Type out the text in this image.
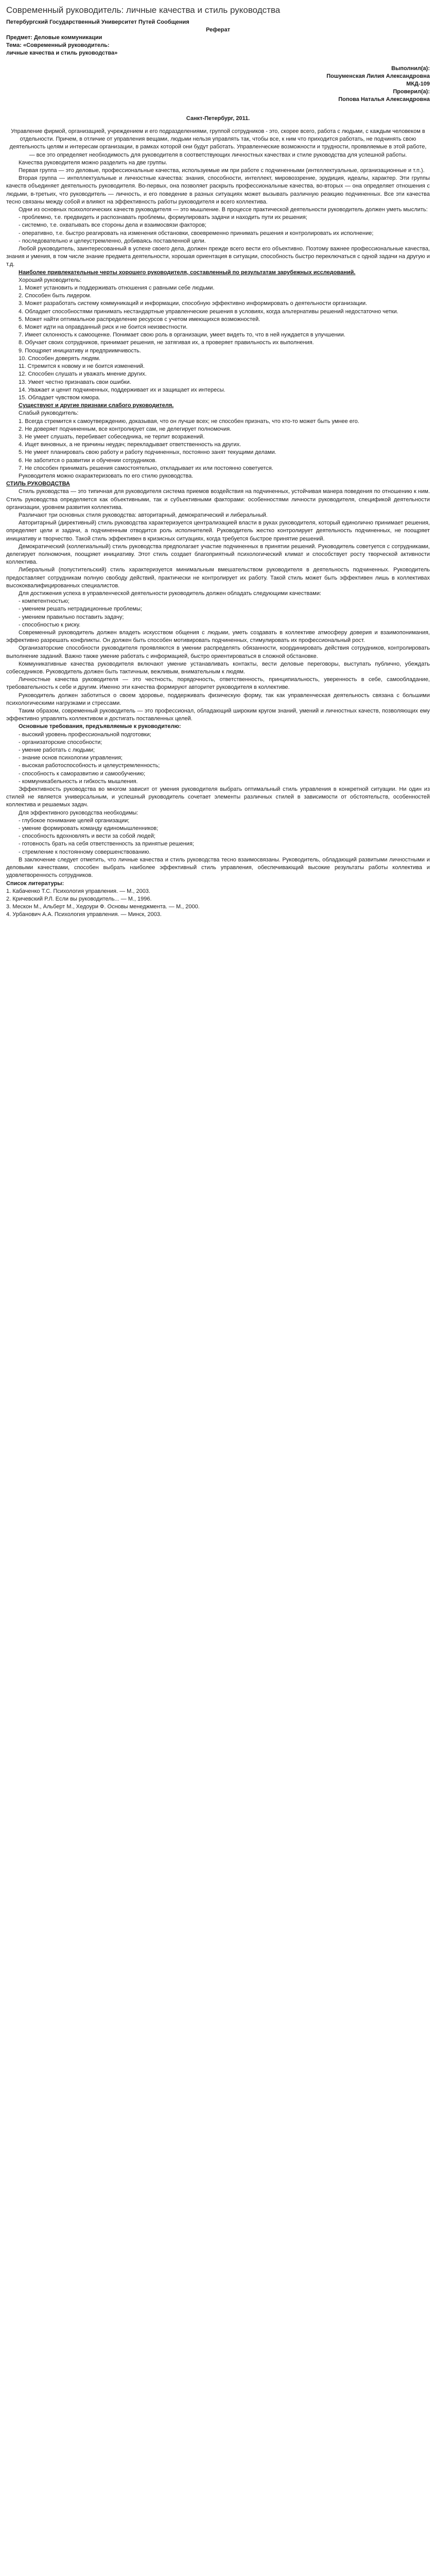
Современный руководитель: личные качества и стиль руководства

Петербургский Государственный Университет Путей Сообщения

Реферат

Предмет: Деловые коммуникации

Тема: «Современный руководитель:

личные качества и стиль руководства»

Выполнил(а):

Пошуменская Лилия Александровна

МКД-109

Проверил(а):

Попова Наталья Александровна

Санкт-Петербург, 2011.

Управление фирмой, организацией, учреждением и его подразделениями, группой сотрудников - это, скорее всего, работа с людьми, с каждым человеком в отдельности. Причем, в отличие от управления вещами, людьми нельзя управлять так, чтобы все, к ним что приходится работать, не подчинять свою деятельность целям и интересам организации, в рамках которой они будут работать. Управленческие возможности и трудности, проявляемые в этой работе, — все это определяет необходимость для руководителя в соответствующих личностных качествах и стиле руководства для успешной работы.

Качества руководителя можно разделить на две группы.

Первая группа — это деловые, профессиональные качества, используемые им при работе с подчиненными (интеллектуальные, организационные и т.п.).

Вторая группа — интеллектуальные и личностные качества: знания, способности, интеллект, мировоззрение, эрудиция, идеалы, характер. Эти группы качеств объединяет деятельность руководителя. Во-первых, она позволяет раскрыть профессиональные качества, во-вторых — она определяет отношения с людьми, в-третьих, что руководитель — личность, и его поведение в разных ситуациях может вызывать различную реакцию подчиненных. Все эти качества тесно связаны между собой и влияют на эффективность работы руководителя и всего коллектива.

Одни из основных психологических качеств руководителя — это мышление. В процессе практической деятельности руководитель должен уметь мыслить:

- проблемно, т.е. предвидеть и распознавать проблемы, формулировать задачи и находить пути их решения;

- системно, т.е. охватывать все стороны дела и взаимосвязи факторов;

- оперативно, т.е. быстро реагировать на изменения обстановки, своевременно принимать решения и контролировать их исполнение;

- последовательно и целеустремленно, добиваясь поставленной цели.

Любой руководитель, заинтересованный в успехе своего дела, должен прежде всего вести его объективно. Поэтому важнее профессиональные качества, знания и умения, в том числе знание предмета деятельности, хорошая ориентация в ситуации, способность быстро переключаться с одной задачи на другую и т.д.

Наиболее привлекательные черты хорошего руководителя, составленный по результатам зарубежных исследований.

Хороший руководитель:

1. Может установить и поддерживать отношения с равными себе людьми.

2. Способен быть лидером.

3. Может разработать систему коммуникаций и информации, способную эффективно информировать о деятельности организации.

4. Обладает способностями принимать нестандартные управленческие решения в условиях, когда альтернативы решений недостаточно четки.

5. Может найти оптимальное распределение ресурсов с учетом имеющихся возможностей.

6. Может идти на оправданный риск и не боится неизвестности.

7. Имеет склонность к самооценке. Понимает свою роль в организации, умеет видеть то, что в ней нуждается в улучшении.

8. Обучает своих сотрудников, принимает решения, не затягивая их, а проверяет правильность их выполнения.

9. Поощряет инициативу и предприимчивость.

10. Способен доверять людям.

11. Стремится к новому и не боится изменений.

12. Способен слушать и уважать мнение других.

13. Умеет честно признавать свои ошибки.

14. Уважает и ценит подчиненных, поддерживает их и защищает их интересы.

15. Обладает чувством юмора.

Существуют и другие признаки слабого руководителя.

Слабый руководитель:

1. Всегда стремится к самоутверждению, доказывая, что он лучше всех; не способен признать, что кто-то может быть умнее его.

2. Не доверяет подчиненным, все контролирует сам, не делегирует полномочия.

3. Не умеет слушать, перебивает собеседника, не терпит возражений.

4. Ищет виновных, а не причины неудач; перекладывает ответственность на других.

5. Не умеет планировать свою работу и работу подчиненных, постоянно занят текущими делами.

6. Не заботится о развитии и обучении сотрудников.

7. Не способен принимать решения самостоятельно, откладывает их или постоянно советуется.

Руководителя можно охарактеризовать по его стилю руководства.

СТИЛЬ РУКОВОДСТВА

Стиль руководства — это типичная для руководителя система приемов воздействия на подчиненных, устойчивая манера поведения по отношению к ним. Стиль руководства определяется как объективными, так и субъективными факторами: особенностями личности руководителя, спецификой деятельности организации, уровнем развития коллектива.

Различают три основных стиля руководства: авторитарный, демократический и либеральный.

Авторитарный (директивный) стиль руководства характеризуется централизацией власти в руках руководителя, который единолично принимает решения, определяет цели и задачи, а подчиненным отводится роль исполнителей. Руководитель жестко контролирует деятельность подчиненных, не поощряет инициативу и творчество. Такой стиль эффективен в кризисных ситуациях, когда требуется быстрое принятие решений.

Демократический (коллегиальный) стиль руководства предполагает участие подчиненных в принятии решений. Руководитель советуется с сотрудниками, делегирует полномочия, поощряет инициативу. Этот стиль создает благоприятный психологический климат и способствует росту творческой активности коллектива.

Либеральный (попустительский) стиль характеризуется минимальным вмешательством руководителя в деятельность подчиненных. Руководитель предоставляет сотрудникам полную свободу действий, практически не контролирует их работу. Такой стиль может быть эффективен лишь в коллективах высококвалифицированных специалистов.

Для достижения успеха в управленческой деятельности руководитель должен обладать следующими качествами:

- компетентностью;

- умением решать нетрадиционные проблемы;

- умением правильно поставить задачу;

- способностью к риску.

Современный руководитель должен владеть искусством общения с людьми, уметь создавать в коллективе атмосферу доверия и взаимопонимания, эффективно разрешать конфликты. Он должен быть способен мотивировать подчиненных, стимулировать их профессиональный рост.

Организаторские способности руководителя проявляются в умении распределять обязанности, координировать действия сотрудников, контролировать выполнение заданий. Важно также умение работать с информацией, быстро ориентироваться в сложной обстановке.

Коммуникативные качества руководителя включают умение устанавливать контакты, вести деловые переговоры, выступать публично, убеждать собеседников. Руководитель должен быть тактичным, вежливым, внимательным к людям.

Личностные качества руководителя — это честность, порядочность, ответственность, принципиальность, уверенность в себе, самообладание, требовательность к себе и другим. Именно эти качества формируют авторитет руководителя в коллективе.

Руководитель должен заботиться о своем здоровье, поддерживать физическую форму, так как управленческая деятельность связана с большими психологическими нагрузками и стрессами.

Таким образом, современный руководитель — это профессионал, обладающий широким кругом знаний, умений и личностных качеств, позволяющих ему эффективно управлять коллективом и достигать поставленных целей.

Основные требования, предъявляемые к руководителю:

- высокий уровень профессиональной подготовки;

- организаторские способности;

- умение работать с людьми;

- знание основ психологии управления;

- высокая работоспособность и целеустремленность;

- способность к саморазвитию и самообучению;

- коммуникабельность и гибкость мышления.

Эффективность руководства во многом зависит от умения руководителя выбрать оптимальный стиль управления в конкретной ситуации. Ни один из стилей не является универсальным, и успешный руководитель сочетает элементы различных стилей в зависимости от обстоятельств, особенностей коллектива и решаемых задач.

Для эффективного руководства необходимы:

- глубокое понимание целей организации;

- умение формировать команду единомышленников;

- способность вдохновлять и вести за собой людей;

- готовность брать на себя ответственность за принятые решения;

- стремление к постоянному совершенствованию.

В заключение следует отметить, что личные качества и стиль руководства тесно взаимосвязаны. Руководитель, обладающий развитыми личностными и деловыми качествами, способен выбрать наиболее эффективный стиль управления, обеспечивающий высокие результаты работы коллектива и удовлетворенность сотрудников.

Список литературы:

1. Кабаченко Т.С. Психология управления. — М., 2003.

2. Кричевский Р.Л. Если вы руководитель... — М., 1996.

3. Мескон М., Альберт М., Хедоури Ф. Основы менеджмента. — М., 2000.

4. Урбанович А.А. Психология управления. — Минск, 2003.
